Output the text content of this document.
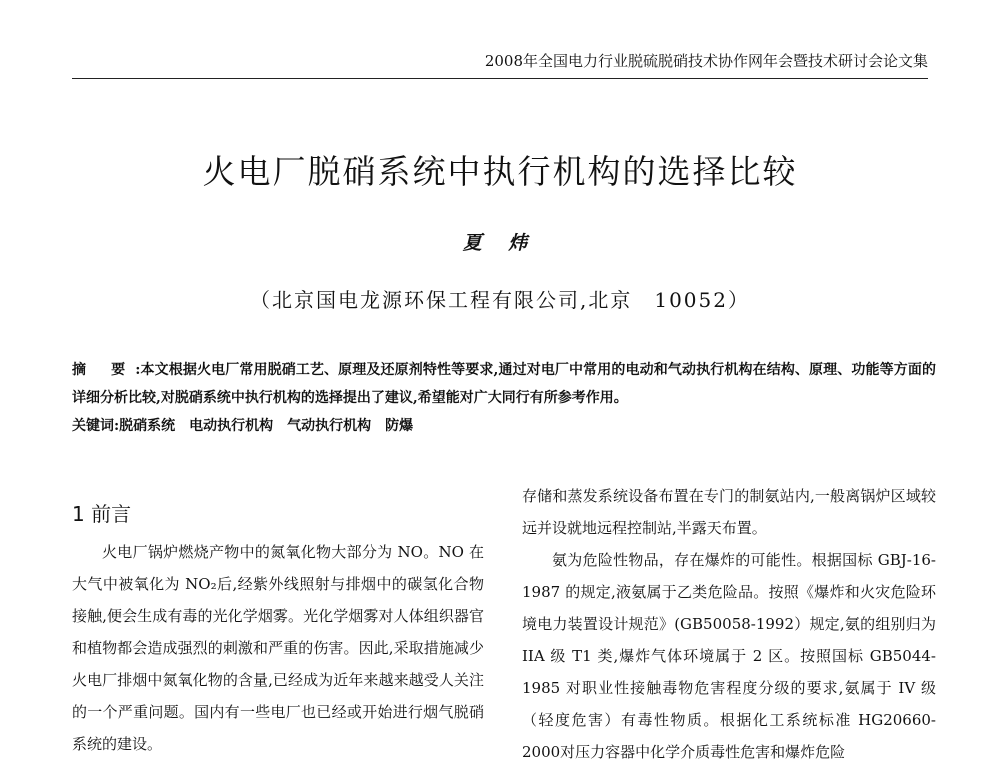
2008年全国电力行业脱硫脱硝技术协作网年会暨技术研讨会论文集
火电厂脱硝系统中执行机构的选择比较
夏 炜
（北京国电龙源环保工程有限公司,北京　10052）

摘 要:本文根据火电厂常用脱硝工艺、原理及还原剂特性等要求,通过对电厂中常用的电动和气动执行机构在结构、原理、功能等方面的详细分析比较,对脱硝系统中执行机构的选择提出了建议,希望能对广大同行有所参考作用。

关键词:脱硝系统　电动执行机构　气动执行机构　防爆

1 前言

火电厂锅炉燃烧产物中的氮氧化物大部分为 NO。NO 在大气中被氧化为 NO₂后,经紫外线照射与排烟中的碳氢化合物接触,便会生成有毒的光化学烟雾。光化学烟雾对人体组织器官和植物都会造成强烈的刺激和严重的伤害。因此,采取措施减少火电厂排烟中氮氧化物的含量,已经成为近年来越来越受人关注的一个严重问题。国内有一些电厂也已经或开始进行烟气脱硝系统的建设。

存储和蒸发系统设备布置在专门的制氨站内,一般离锅炉区域较远并设就地远程控制站,半露天布置。

氨为危险性物品，存在爆炸的可能性。根据国标 GBJ-16-1987 的规定,液氨属于乙类危险品。按照《爆炸和火灾危险环境电力装置设计规范》(GB50058-1992）规定,氨的组别归为 IIA 级 T1 类,爆炸气体环境属于 2 区。按照国标 GB5044-1985 对职业性接触毒物危害程度分级的要求,氨属于 IV 级（轻度危害）有毒性物质。根据化工系统标准 HG20660-2000对压力容器中化学介质毒性危害和爆炸危险
